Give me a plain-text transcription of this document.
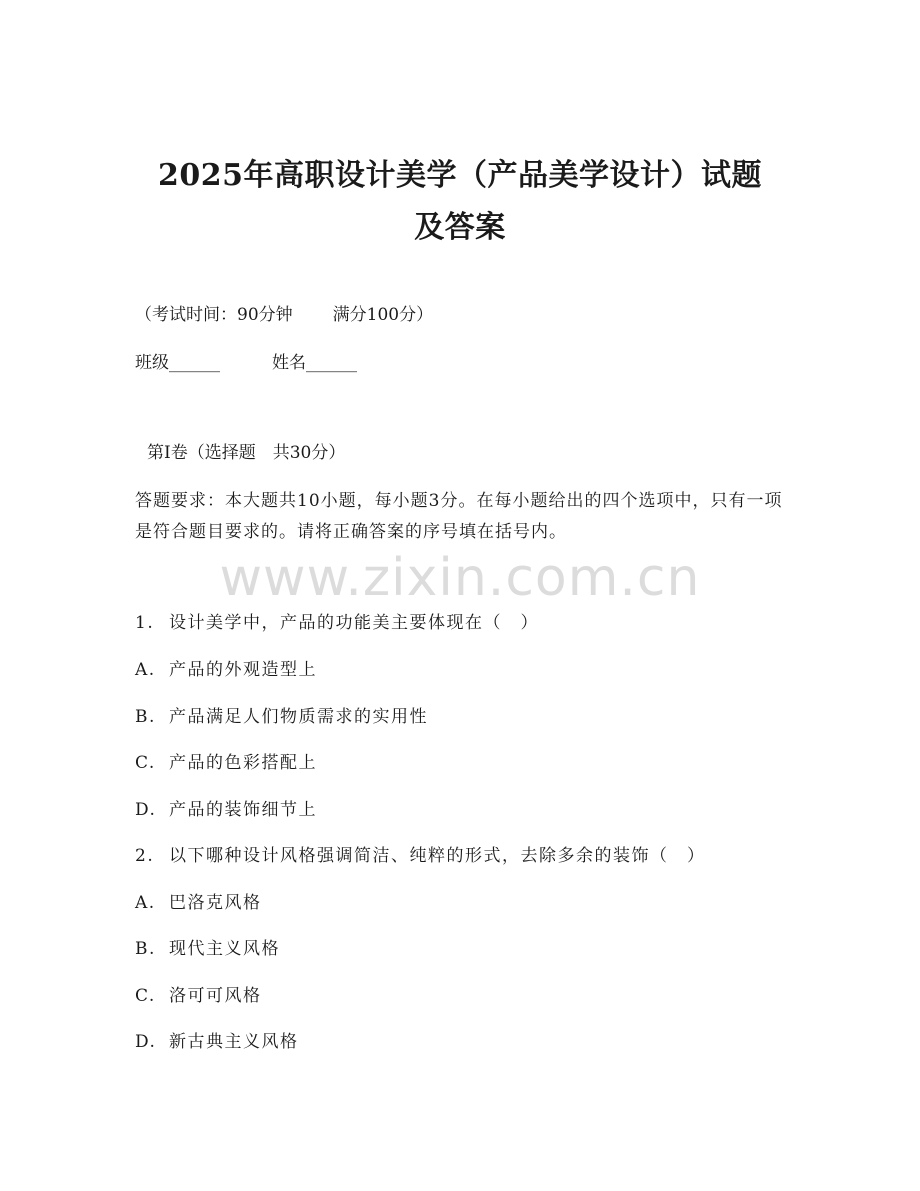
2025年高职设计美学（产品美学设计）试题
及答案
（考试时间：90分钟 满分100分）
班级______	姓名______
第Ⅰ卷（选择题　共30分）
答题要求：本大题共10小题，每小题3分。在每小题给出的四个选项中，只有一项是符合题目要求的。请将正确答案的序号填在括号内。
www.zixin.com.cn
1. 设计美学中，产品的功能美主要体现在（　）
A. 产品的外观造型上
B. 产品满足人们物质需求的实用性
C. 产品的色彩搭配上
D. 产品的装饰细节上
2. 以下哪种设计风格强调简洁、纯粹的形式，去除多余的装饰（　）
A. 巴洛克风格
B. 现代主义风格
C. 洛可可风格
D. 新古典主义风格
